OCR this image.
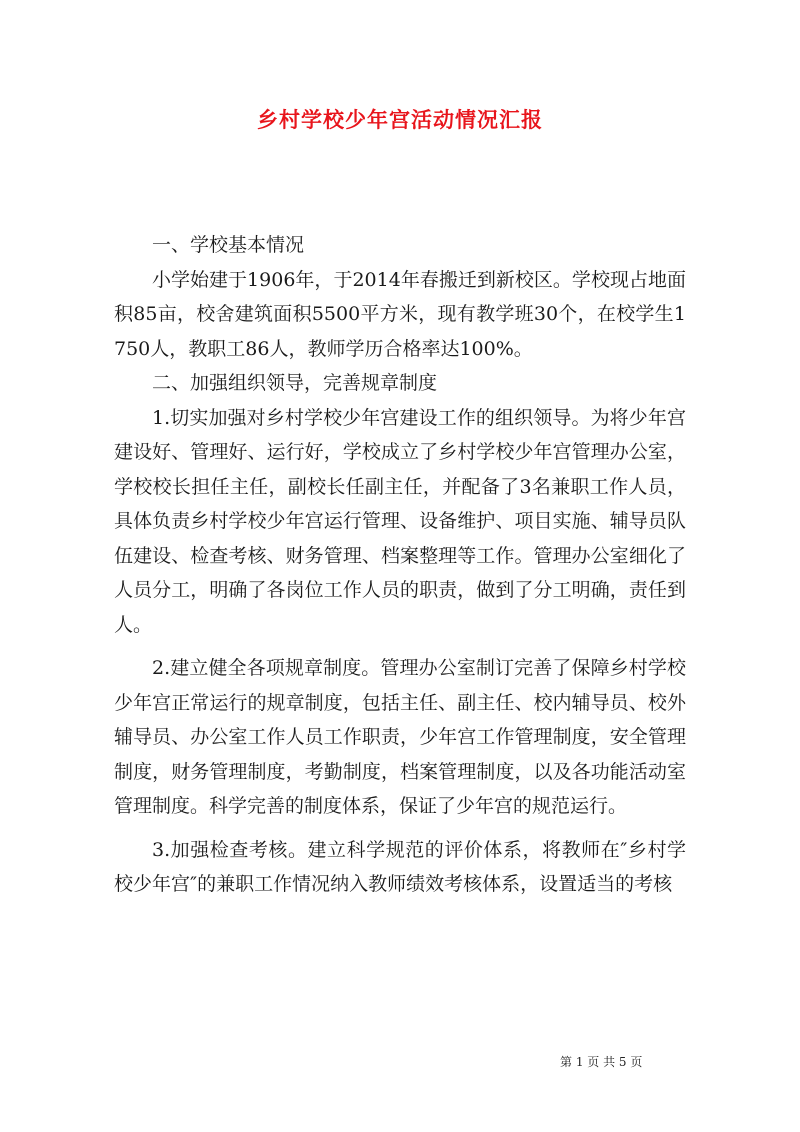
乡村学校少年宫活动情况汇报

一、学校基本情况

小学始建于1906年，于2014年春搬迁到新校区。学校现占地面积85亩，校舍建筑面积5500平方米，现有教学班30个，在校学生1750人，教职工86人，教师学历合格率达100%。

二、加强组织领导，完善规章制度

1.切实加强对乡村学校少年宫建设工作的组织领导。为将少年宫建设好、管理好、运行好，学校成立了乡村学校少年宫管理办公室，学校校长担任主任，副校长任副主任，并配备了3名兼职工作人员，具体负责乡村学校少年宫运行管理、设备维护、项目实施、辅导员队伍建设、检查考核、财务管理、档案整理等工作。管理办公室细化了人员分工，明确了各岗位工作人员的职责，做到了分工明确，责任到人。

2.建立健全各项规章制度。管理办公室制订完善了保障乡村学校少年宫正常运行的规章制度，包括主任、副主任、校内辅导员、校外辅导员、办公室工作人员工作职责，少年宫工作管理制度，安全管理制度，财务管理制度，考勤制度，档案管理制度，以及各功能活动室管理制度。科学完善的制度体系，保证了少年宫的规范运行。

3.加强检查考核。建立科学规范的评价体系，将教师在″乡村学校少年宫″的兼职工作情况纳入教师绩效考核体系，设置适当的考核

第 1 页 共 5 页
